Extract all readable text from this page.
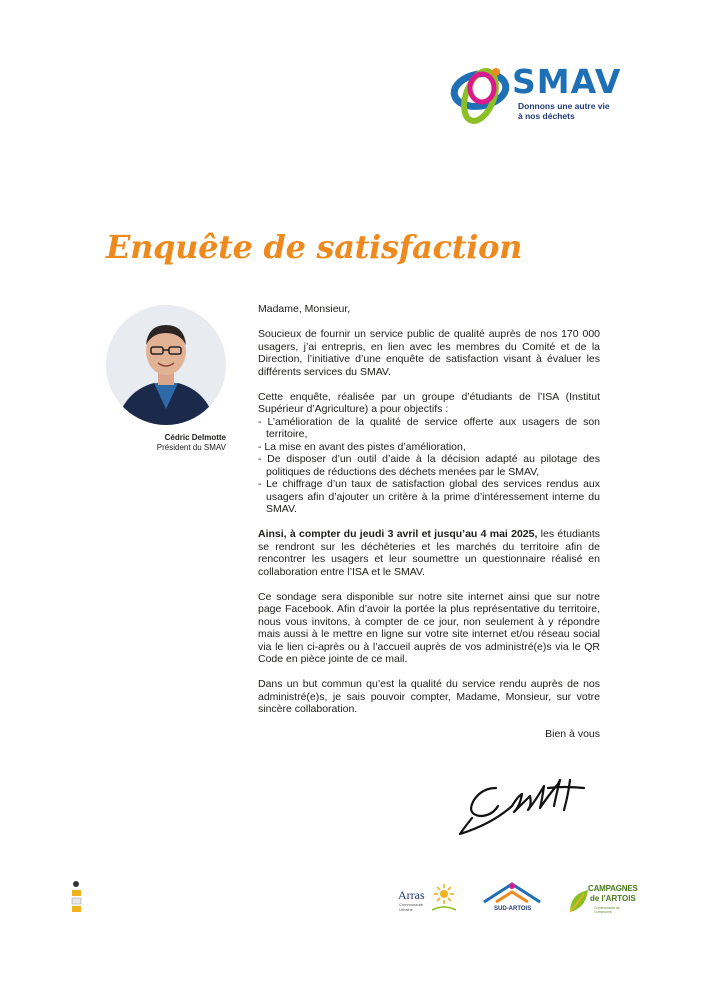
SMAV
Donnons une autre vie
à nos déchets
Enquête de satisfaction
Cédric Delmotte
Président du SMAV

Madame, Monsieur,

Soucieux de fournir un service public de qualité auprès de nos 170 000 usagers, j’ai entrepris, en lien avec les membres du Comité et de la Direction, l’initiative d’une enquête de satisfaction visant à évaluer les différents services du SMAV.

Cette enquête, réalisée par un groupe d’étudiants de l’ISA (Institut Supérieur d’Agriculture) a pour objectifs :

- L’amélioration de la qualité de service offerte aux usagers de son territoire,
- La mise en avant des pistes d’amélioration,
- De disposer d’un outil d’aide à la décision adapté au pilotage des politiques de réductions des déchets menées par le SMAV,
- Le chiffrage d’un taux de satisfaction global des services rendus aux usagers afin d’ajouter un critère à la prime d’intéressement interne du SMAV.

Ainsi, à compter du jeudi 3 avril et jusqu’au 4 mai 2025, les étudiants se rendront sur les déchèteries et les marchés du territoire afin de rencontrer les usagers et leur soumettre un questionnaire réalisé en collaboration entre l’ISA et le SMAV.

Ce sondage sera disponible sur notre site internet ainsi que sur notre page Facebook. Afin d’avoir la portée la plus représentative du territoire, nous vous invitons, à compter de ce jour, non seulement à y répondre mais aussi à le mettre en ligne sur votre site internet et/ou réseau social via le lien ci-après ou à l’accueil auprès de vos administré(e)s via le QR Code en pièce jointe de ce mail.

Dans un but commun qu’est la qualité du service rendu auprès de nos administré(e)s, je sais pouvoir compter, Madame, Monsieur, sur votre sincère collaboration.

Bien à vous

Arras
Communauté
Urbaine	SUD-ARTOIS
CAMPAGNES
de l'ARTOIS
Communauté de Communes
